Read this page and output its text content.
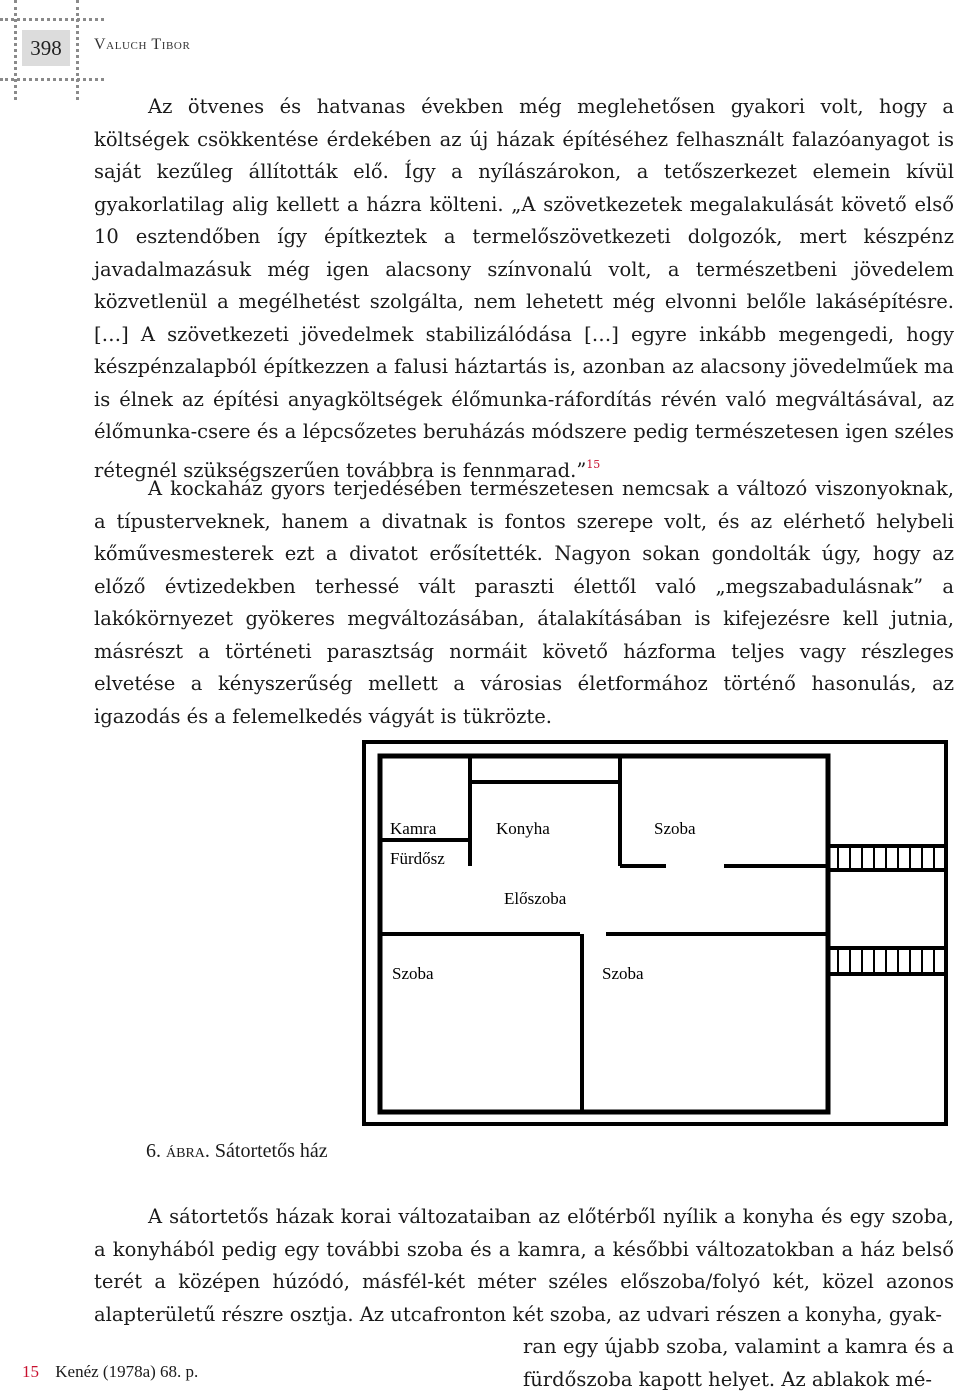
398	Valuch Tibor

Az ötvenes és hatvanas években még meglehetősen gyakori volt, hogy a költségek csökkentése érdekében az új házak építéséhez felhasznált falazóanyagot is saját kezűleg állították elő. Így a nyílászárokon, a tetőszerkezet elemein kívül gyakorlatilag alig kellett a házra költeni. „A szövetkezetek megalakulását követő első 10 esztendőben így építkeztek a termelőszövetkezeti dolgozók, mert készpénz javadalmazásuk még igen alacsony színvonalú volt, a természetbeni jövedelem közvetlenül a megélhetést szolgálta, nem lehetett még elvonni belőle lakásépítésre. […] A szövetkezeti jövedelmek stabilizálódása […] egyre inkább megengedi, hogy készpénzalapból építkezzen a falusi háztartás is, azonban az alacsony jövedelműek ma is élnek az építési anyagköltségek élőmunka-ráfordítás révén való megváltásával, az élőmunka-csere és a lépcsőzetes beruházás módszere pedig természetesen igen széles rétegnél szükségszerűen továbbra is fennmarad.”$^{15}$

A kockaház gyors terjedésében természetesen nemcsak a változó viszonyoknak, a típusterveknek, hanem a divatnak is fontos szerepe volt, és az elérhető helybeli kőművesmesterek ezt a divatot erősítették. Nagyon sokan gondolták úgy, hogy az előző évtizedekben terhessé vált paraszti élettől való „megszabadulásnak” a lakókörnyezet gyökeres megváltozásában, átalakításában is kifejezésre kell jutnia, másrészt a történeti parasztság normáit követő házforma teljes vagy részleges elvetése a kényszerűség mellett a városias életformához történő hasonulás, az igazodás és a felemelkedés vágyát is tükrözte.

Kamra
Fürdősz
Konyha	Szoba
Előszoba
Szoba	Szoba
6. ábra. Sátortetős ház

A sátortetős házak korai változataiban az előtérből nyílik a konyha és egy szoba, a konyhából pedig egy további szoba és a kamra, a későbbi változatokban a ház belső terét a középen húzódó, másfél-két méter széles előszoba/folyó két, közel azonos alapterületű részre osztja. Az utcafronton két szoba, az udvari részen a konyha, gyak-

ran egy újabb szoba, valamint a kamra és a fürdőszoba kapott helyet. Az ablakok mé-

15 Kenéz (1978a) 68. p.
